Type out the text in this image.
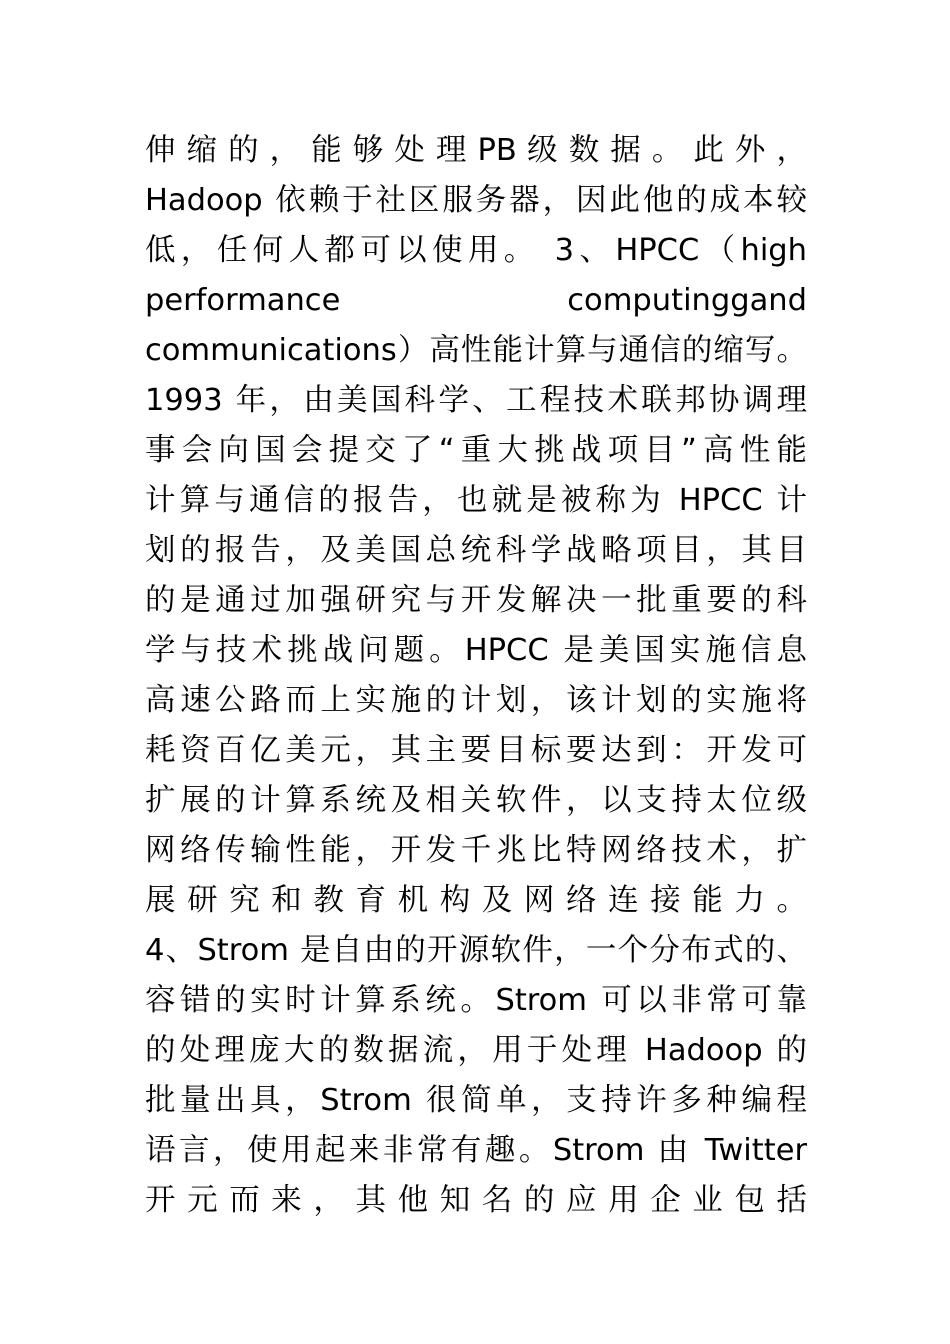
伸 缩 的 ， 能 够 处 理 PB 级 数 据 。 此 外 ，
Hadoop 依赖于社区服务器，因此他的成本较
低，任何人都可以使用。 3、HPCC（high
performance computinggand
communications）高性能计算与通信的缩写。
1993 年，由美国科学、工程技术联邦协调理
事会向国会提交了“重大挑战项目”高性能
计算与通信的报告，也就是被称为 HPCC 计
划的报告，及美国总统科学战略项目，其目
的是通过加强研究与开发解决一批重要的科
学与技术挑战问题。HPCC 是美国实施信息
高速公路而上实施的计划，该计划的实施将
耗资百亿美元，其主要目标要达到：开发可
扩展的计算系统及相关软件，以支持太位级
网络传输性能，开发千兆比特网络技术，扩
展 研 究 和 教 育 机 构 及 网 络 连 接 能 力 。
4、Strom 是自由的开源软件，一个分布式的、
容错的实时计算系统。Strom 可以非常可靠
的处理庞大的数据流，用于处理 Hadoop 的
批量出具，Strom 很简单，支持许多种编程
语言，使用起来非常有趣。Strom 由 Twitter
开 元 而 来 ， 其 他 知 名 的 应 用 企 业 包 括
